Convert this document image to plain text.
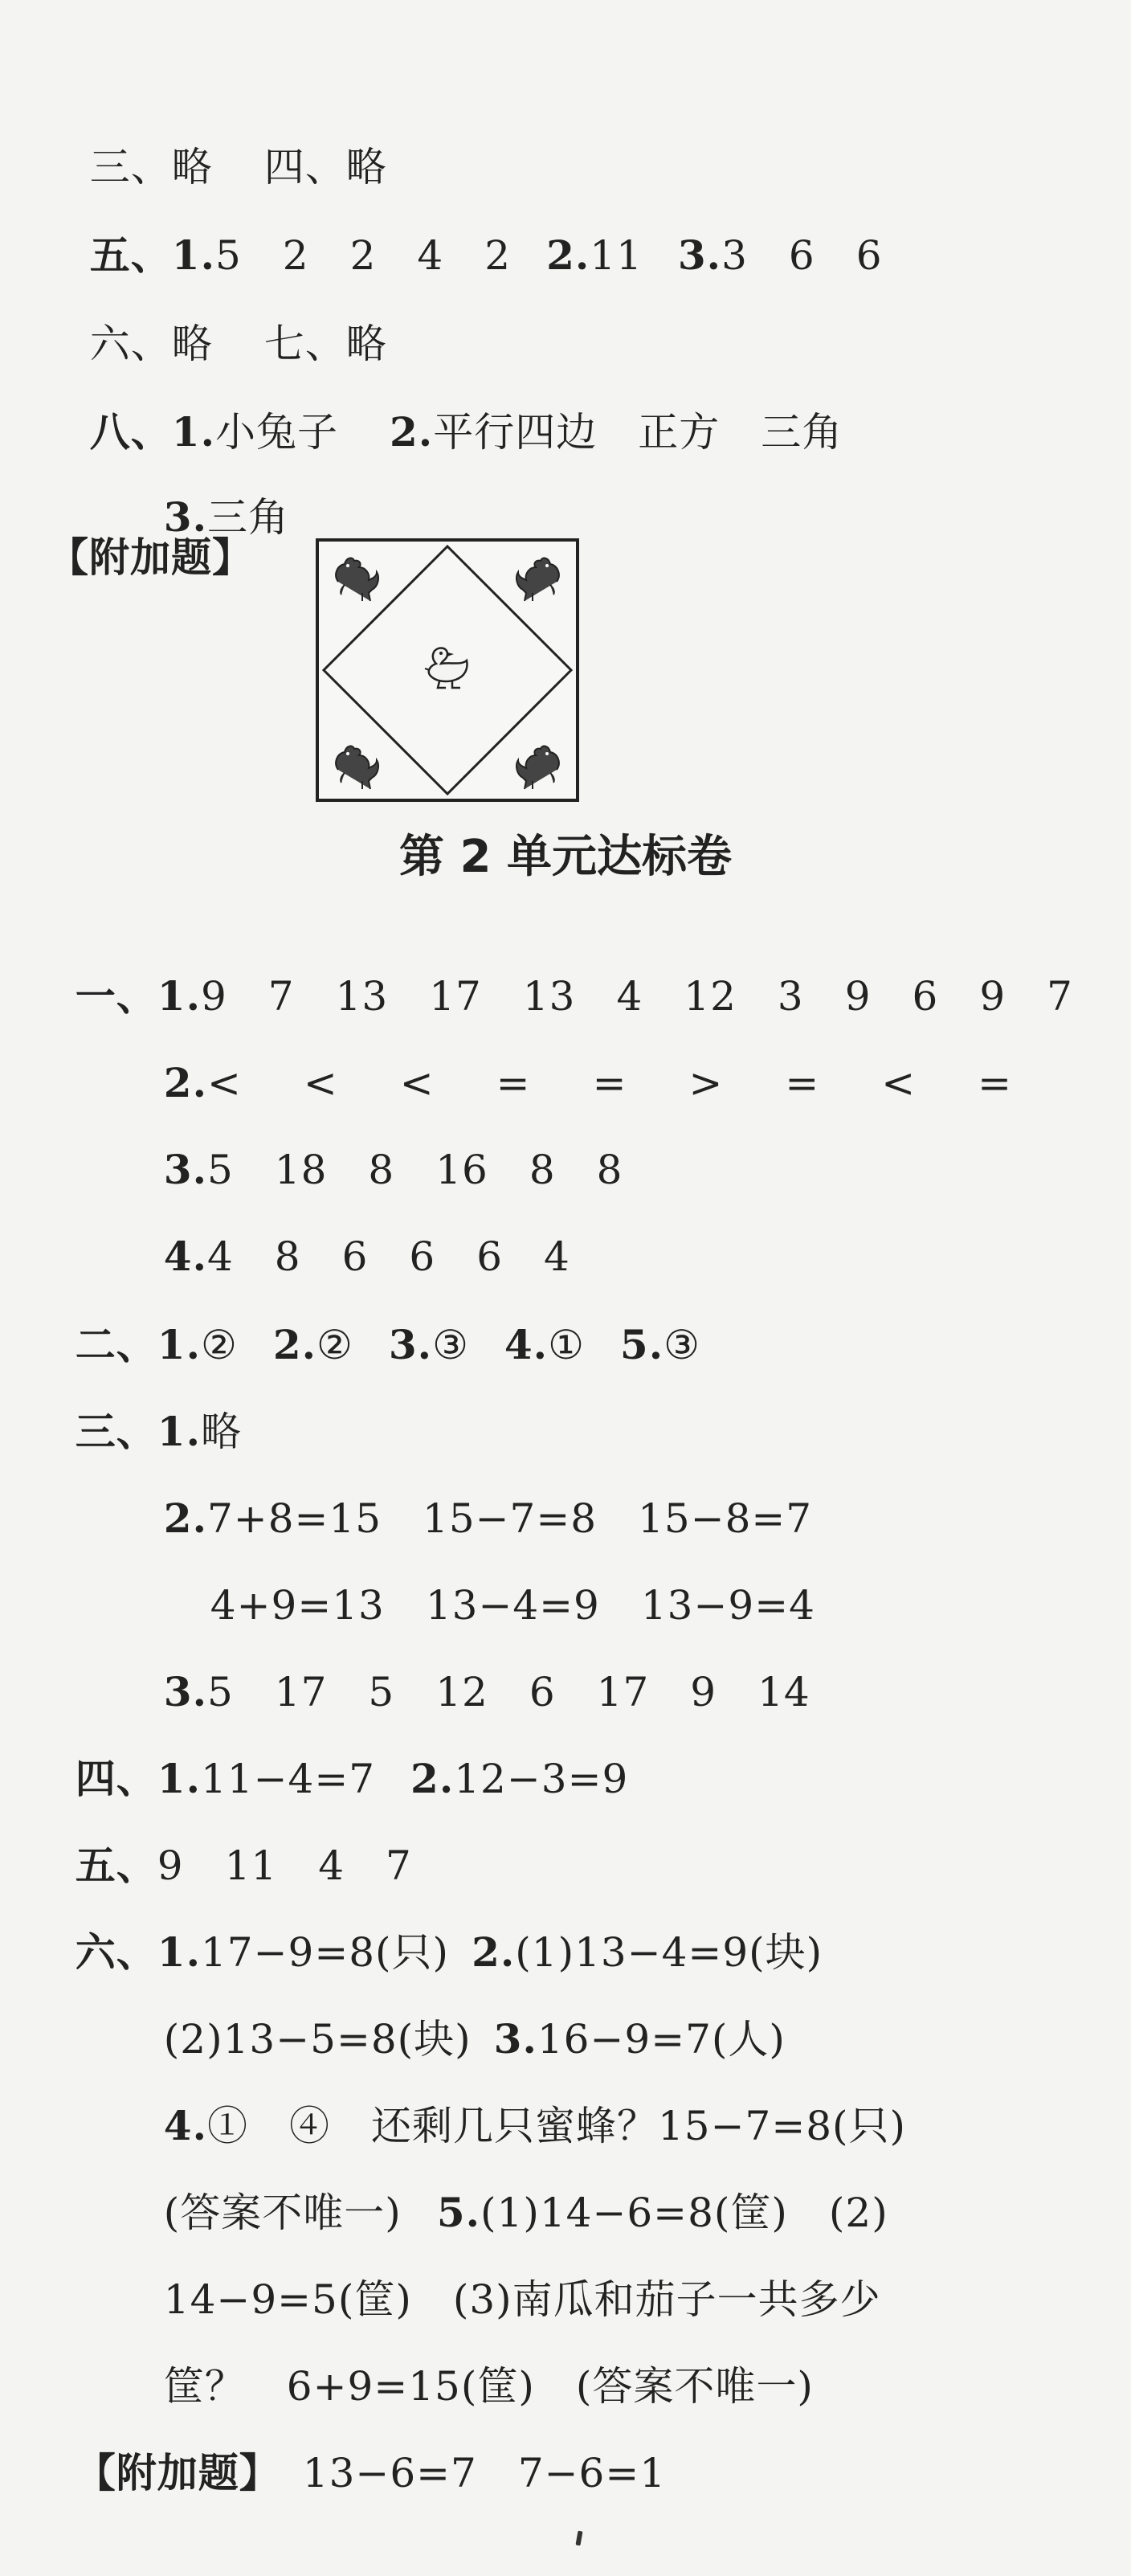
三、略 四、略

五、1.5　2　2　4　2 2.11 3.3　6　6

六、略 七、略

八、1.小兔子 2.平行四边　正方　三角

3.三角

【附加题】
第 2 单元达标卷

一、1.9　7　13　17　13　4　12　3　9　6　9　7

2.<　<　<　=　=　>　=　<　=

3.5　18　8　16　8　8

4.4　8　6　6　6　4

二、1.② 2.② 3.③ 4.① 5.③

三、1.略

2.7+8=15　15−7=8　15−8=7

4+9=13　13−4=9　13−9=4

3.5　17　5　12　6　17　9　14

四、1.11−4=7 2.12−3=9

五、9　11　4　7

六、1.17−9=8(只) 2.(1)13−4=9(块)

(2)13−5=8(块) 3.16−9=7(人)

4.①　④　还剩几只蜜蜂？15−7=8(只)

(答案不唯一) 5.(1)14−6=8(筐)　(2)

14−9=5(筐)　(3)南瓜和茄子一共多少

筐？　6+9=15(筐)　(答案不唯一)

【附加题】 13−6=7　7−6=1
